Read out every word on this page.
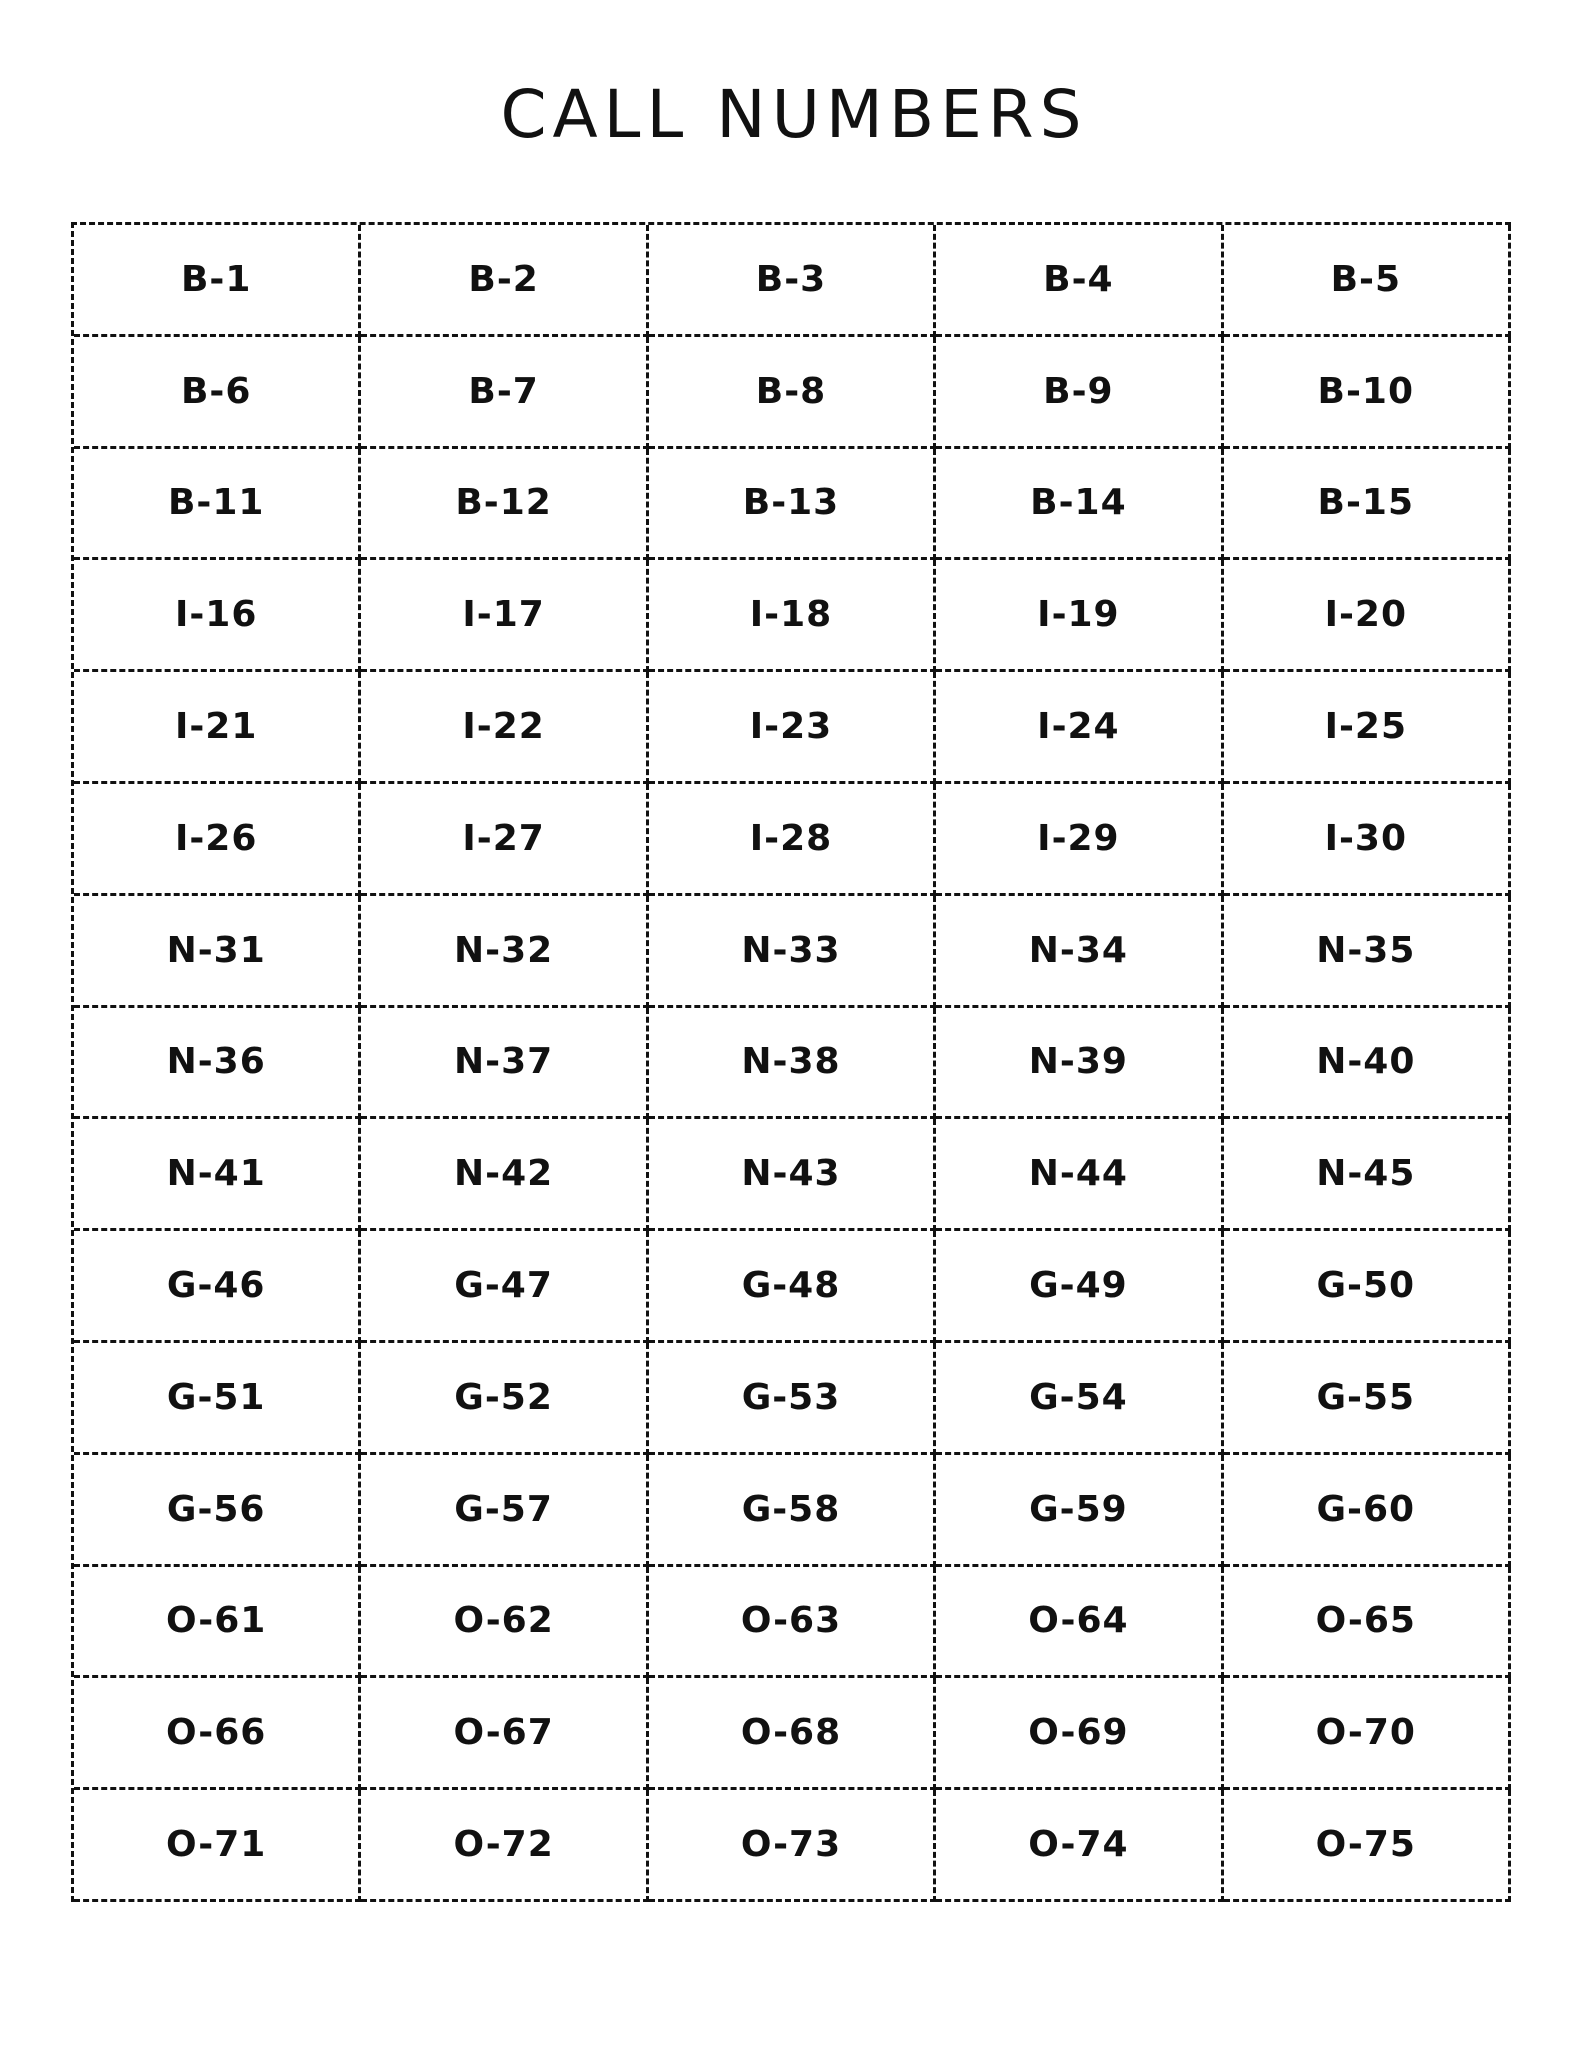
CALL NUMBERS
B-1	B-2	B-3	B-4	B-5
B-6	B-7	B-8	B-9	B-10
B-11	B-12	B-13	B-14	B-15
I-16	I-17	I-18	I-19	I-20
I-21	I-22	I-23	I-24	I-25
I-26	I-27	I-28	I-29	I-30
N-31	N-32	N-33	N-34	N-35
N-36	N-37	N-38	N-39	N-40
N-41	N-42	N-43	N-44	N-45
G-46	G-47	G-48	G-49	G-50
G-51	G-52	G-53	G-54	G-55
G-56	G-57	G-58	G-59	G-60
O-61	O-62	O-63	O-64	O-65
O-66	O-67	O-68	O-69	O-70
O-71	O-72	O-73	O-74	O-75
